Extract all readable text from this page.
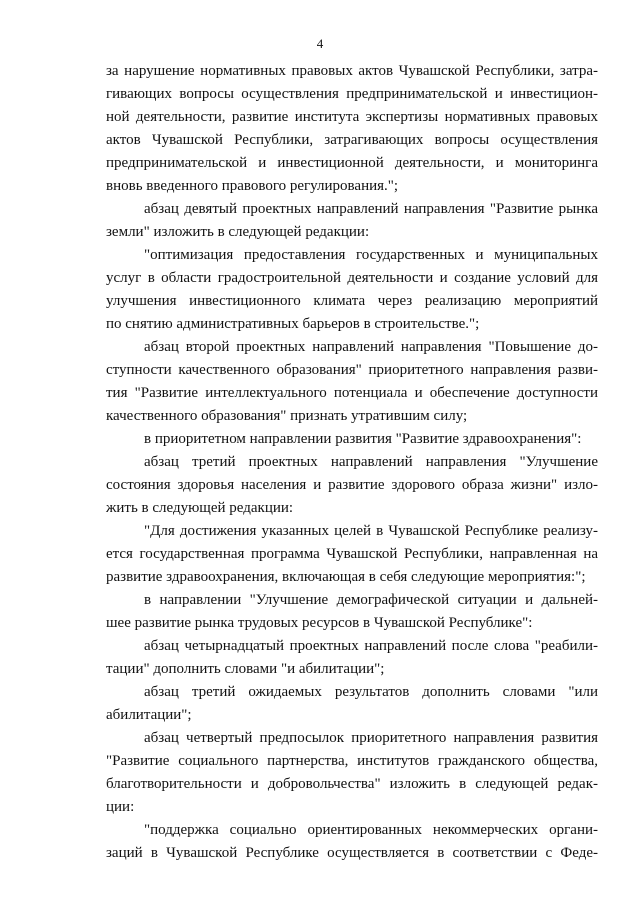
4
за нарушение нормативных правовых актов Чувашской Республики, затра-
гивающих вопросы осуществления предпринимательской и инвестицион-
ной деятельности, развитие института экспертизы нормативных правовых
актов Чувашской Республики, затрагивающих вопросы осуществления
предпринимательской и инвестиционной деятельности, и мониторинга
вновь введенного правового регулирования.";
абзац девятый проектных направлений направления "Развитие рынка
земли" изложить в следующей редакции:
"оптимизация предоставления государственных и муниципальных
услуг в области градостроительной деятельности и создание условий для
улучшения инвестиционного климата через реализацию мероприятий
по снятию административных барьеров в строительстве.";
абзац второй проектных направлений направления "Повышение до-
ступности качественного образования" приоритетного направления разви-
тия "Развитие интеллектуального потенциала и обеспечение доступности
качественного образования" признать утратившим силу;
в приоритетном направлении развития "Развитие здравоохранения":
абзац третий проектных направлений направления "Улучшение
состояния здоровья населения и развитие здорового образа жизни" изло-
жить в следующей редакции:
"Для достижения указанных целей в Чувашской Республике реализу-
ется государственная программа Чувашской Республики, направленная на
развитие здравоохранения, включающая в себя следующие мероприятия:";
в направлении "Улучшение демографической ситуации и дальней-
шее развитие рынка трудовых ресурсов в Чувашской Республике":
абзац четырнадцатый проектных направлений после слова "реабили-
тации" дополнить словами "и абилитации";
абзац третий ожидаемых результатов дополнить словами "или
абилитации";
абзац четвертый предпосылок приоритетного направления развития
"Развитие социального партнерства, институтов гражданского общества,
благотворительности и добровольчества" изложить в следующей редак-
ции:
"поддержка социально ориентированных некоммерческих органи-
заций в Чувашской Республике осуществляется в соответствии с Феде-
